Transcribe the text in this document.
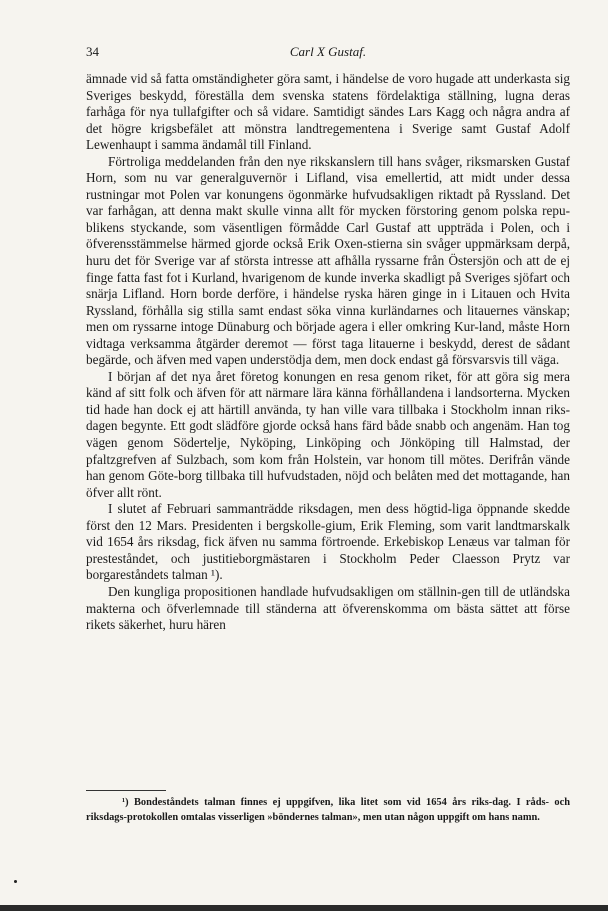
34	Carl X Gustaf.

ämnade vid så fatta omständigheter göra samt, i händelse de voro hugade att underkasta sig Sveriges beskydd, föreställa dem svenska statens fördelaktiga ställning, lugna deras farhåga för nya tullafgifter och så vidare. Samtidigt sändes Lars Kagg och några andra af det högre krigsbefälet att mönstra landtregementena i Sverige samt Gustaf Adolf Lewenhaupt i samma ändamål till Finland.

Förtroliga meddelanden från den nye rikskanslern till hans svåger, riksmarsken Gustaf Horn, som nu var generalguvernör i Lifland, visa emellertid, att midt under dessa rustningar mot Polen var konungens ögonmärke hufvudsakligen riktadt på Ryssland. Det var farhågan, att denna makt skulle vinna allt för mycken förstoring genom polska repu-blikens styckande, som väsentligen förmådde Carl Gustaf att uppträda i Polen, och i öfverensstämmelse härmed gjorde också Erik Oxen-stierna sin svåger uppmärksam derpå, huru det för Sverige var af största intresse att afhålla ryssarne från Östersjön och att de ej finge fatta fast fot i Kurland, hvarigenom de kunde inverka skadligt på Sveriges sjöfart och snärja Lifland. Horn borde derföre, i händelse ryska hären ginge in i Litauen och Hvita Ryssland, förhålla sig stilla samt endast söka vinna kurländarnes och litauernes vänskap; men om ryssarne intoge Dünaburg och började agera i eller omkring Kur-land, måste Horn vidtaga verksamma åtgärder deremot — först taga litauerne i beskydd, derest de sådant begärde, och äfven med vapen understödja dem, men dock endast gå försvarsvis till väga.

I början af det nya året företog konungen en resa genom riket, för att göra sig mera känd af sitt folk och äfven för att närmare lära känna förhållandena i landsorterna. Mycken tid hade han dock ej att härtill använda, ty han ville vara tillbaka i Stockholm innan riks-dagen begynte. Ett godt slädföre gjorde också hans färd både snabb och angenäm. Han tog vägen genom Södertelje, Nyköping, Linköping och Jönköping till Halmstad, der pfaltzgrefven af Sulzbach, som kom från Holstein, var honom till mötes. Derifrån vände han genom Göte-borg tillbaka till hufvudstaden, nöjd och belåten med det mottagande, han öfver allt rönt.

I slutet af Februari sammanträdde riksdagen, men dess högtid-liga öppnande skedde först den 12 Mars. Presidenten i bergskolle-gium, Erik Fleming, som varit landtmarskalk vid 1654 års riksdag, fick äfven nu samma förtroende. Erkebiskop Lenæus var talman för presteståndet, och justitieborgmästaren i Stockholm Peder Claesson Prytz var borgareståndets talman ¹).

Den kungliga propositionen handlade hufvudsakligen om ställnin-gen till de utländska makterna och öfverlemnade till ständerna att öfverenskomma om bästa sättet att förse rikets säkerhet, huru hären

¹) Bondeståndets talman finnes ej uppgifven, lika litet som vid 1654 års riks-dag. I råds- och riksdags-protokollen omtalas visserligen »böndernes talman», men utan någon uppgift om hans namn.
